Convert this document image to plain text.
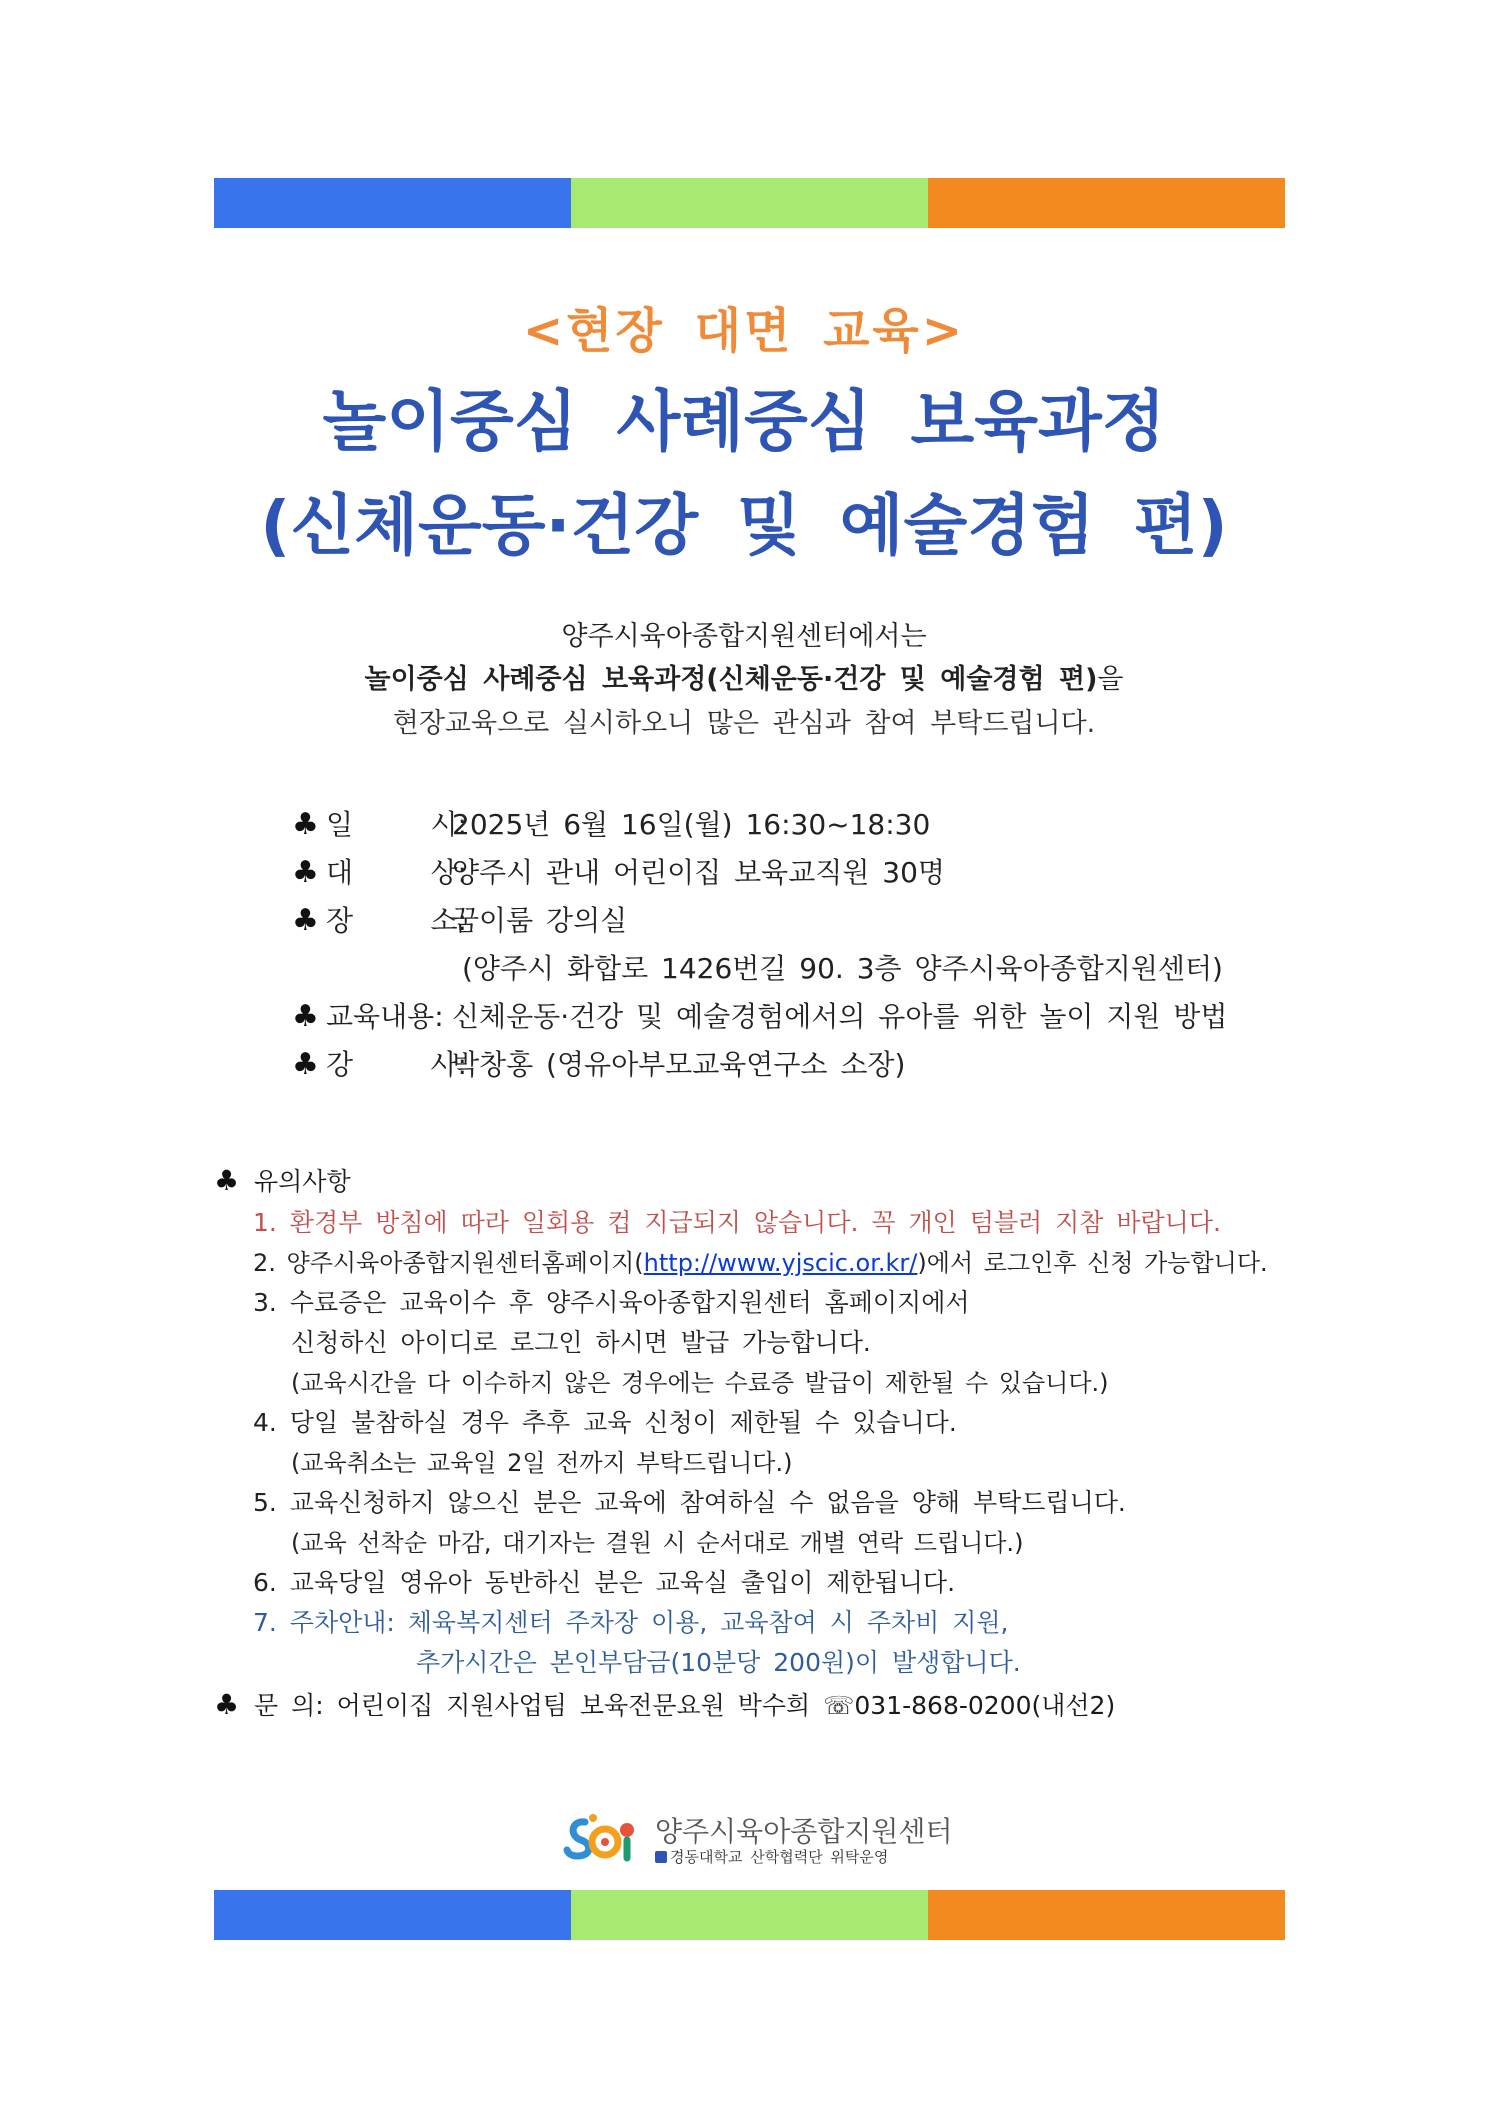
<현장 대면 교육>
놀이중심 사례중심 보육과정
(신체운동·건강 및 예술경험 편)
양주시육아종합지원센터에서는
놀이중심 사례중심 보육과정(신체운동·건강 및 예술경험 편)을
현장교육으로 실시하오니 많은 관심과 참여 부탁드립니다.
♣ 일      시:2025년 6월 16일(월) 16:30~18:30
♣ 대      상:양주시 관내 어린이집 보육교직원 30명
♣ 장      소:꿈이룸 강의실
(양주시 화합로 1426번길 90. 3층 양주시육아종합지원센터)
♣ 교육내용: 신체운동·건강 및 예술경험에서의 유아를 위한 놀이 지원 방법
♣ 강      사:박창홍 (영유아부모교육연구소 소장)
♣ 유의사항
1. 환경부 방침에 따라 일회용 컵 지급되지 않습니다. 꼭 개인 텀블러 지참 바랍니다.
2. 양주시육아종합지원센터홈페이지(http://www.yjscic.or.kr/)에서 로그인후 신청 가능합니다.
3. 수료증은 교육이수 후 양주시육아종합지원센터 홈페이지에서
신청하신 아이디로 로그인 하시면 발급 가능합니다.
(교육시간을 다 이수하지 않은 경우에는 수료증 발급이 제한될 수 있습니다.)
4. 당일 불참하실 경우 추후 교육 신청이 제한될 수 있습니다.
(교육취소는 교육일 2일 전까지 부탁드립니다.)
5. 교육신청하지 않으신 분은 교육에 참여하실 수 없음을 양해 부탁드립니다.
(교육 선착순 마감, 대기자는 결원 시 순서대로 개별 연락 드립니다.)
6. 교육당일 영유아 동반하신 분은 교육실 출입이 제한됩니다.
7. 주차안내: 체육복지센터 주차장 이용, 교육참여 시 주차비 지원,
추가시간은 본인부담금(10분당 200원)이 발생합니다.
♣ 문 의: 어린이집 지원사업팀 보육전문요원 박수희 ☏031-868-0200(내선2)
양주시육아종합지원센터
경동대학교 산학협력단 위탁운영
